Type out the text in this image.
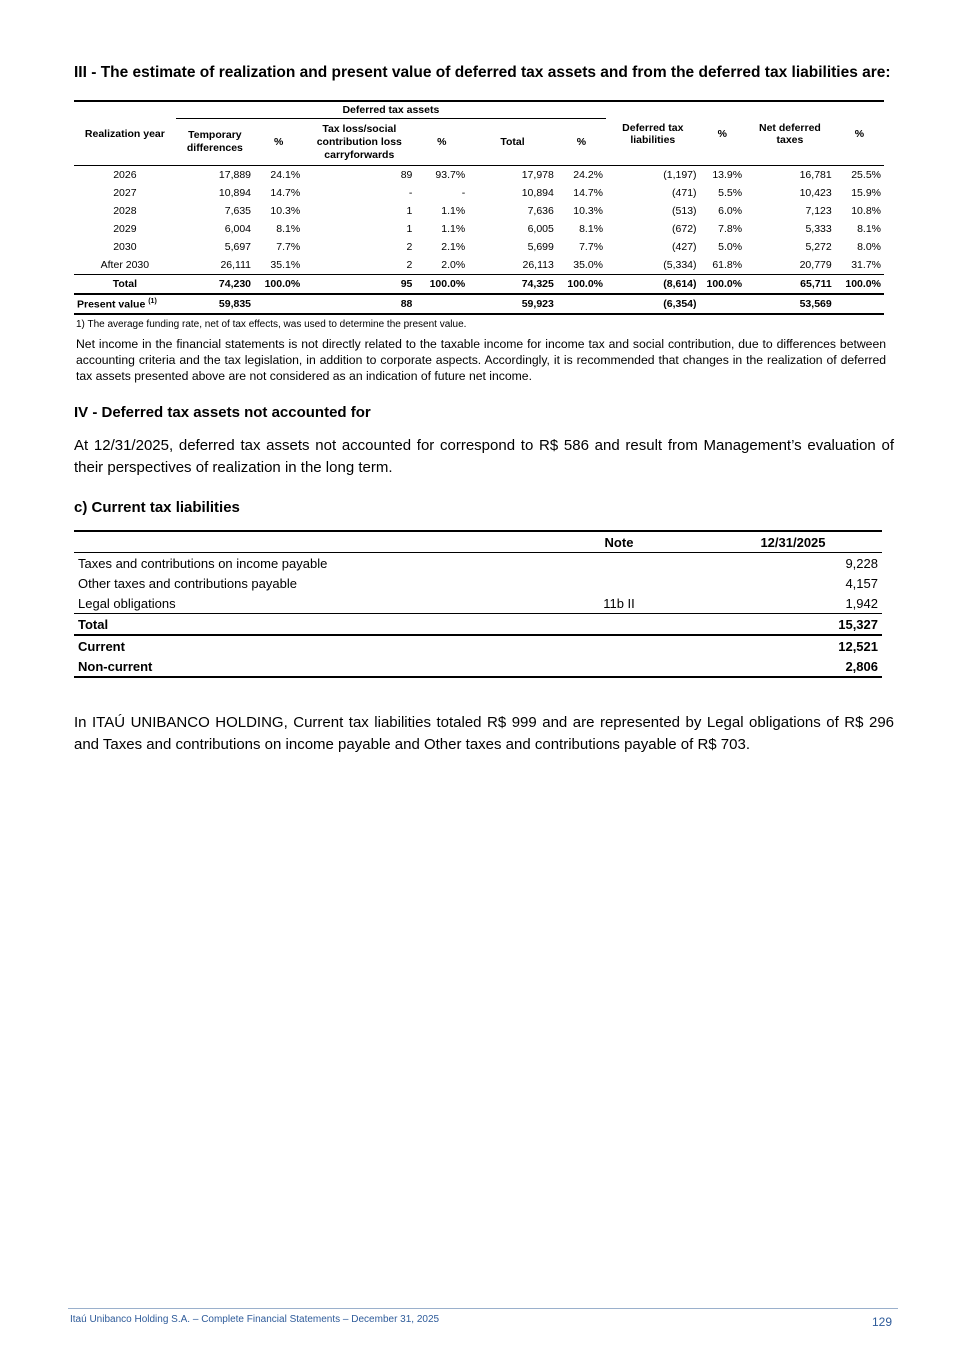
III - The estimate of realization and present value of deferred tax assets and from the deferred tax liabilities are:
Realization year	Deferred tax assets						Deferred tax liabilities	%	Net deferred taxes	%
	Temporary differences	%	Tax loss/social contribution loss carryforwards	%	Total	%				
2026	17,889	24.1%	89	93.7%	17,978	24.2%	(1,197)	13.9%	16,781	25.5%
2027	10,894	14.7%	-	-	10,894	14.7%	(471)	5.5%	10,423	15.9%
2028	7,635	10.3%	1	1.1%	7,636	10.3%	(513)	6.0%	7,123	10.8%
2029	6,004	8.1%	1	1.1%	6,005	8.1%	(672)	7.8%	5,333	8.1%
2030	5,697	7.7%	2	2.1%	5,699	7.7%	(427)	5.0%	5,272	8.0%
After 2030	26,111	35.1%	2	2.0%	26,113	35.0%	(5,334)	61.8%	20,779	31.7%
Total	74,230	100.0%	95	100.0%	74,325	100.0%	(8,614)	100.0%	65,711	100.0%
Present value $^{(1)}$	59,835		88		59,923		(6,354)		53,569	
1) The average funding rate, net of tax effects, was used to determine the present value.

Net income in the financial statements is not directly related to the taxable income for income tax and social contribution, due to differences between accounting criteria and the tax legislation, in addition to corporate aspects. Accordingly, it is recommended that changes in the realization of deferred tax assets presented above are not considered as an indication of future net income.

IV - Deferred tax assets not accounted for

At 12/31/2025, deferred tax assets not accounted for correspond to R$ 586 and result from Management’s evaluation of their perspectives of realization in the long term.

c) Current tax liabilities
	Note	12/31/2025
Taxes and contributions on income payable		9,228
Other taxes and contributions payable		4,157
Legal obligations	11b II	1,942
Total		15,327
Current		12,521
Non-current		2,806

In ITAÚ UNIBANCO HOLDING, Current tax liabilities totaled R$ 999 and are represented by Legal obligations of R$ 296 and Taxes and contributions on income payable and Other taxes and contributions payable of R$ 703.

Itaú Unibanco Holding S.A. – Complete Financial Statements – December 31, 2025	129
